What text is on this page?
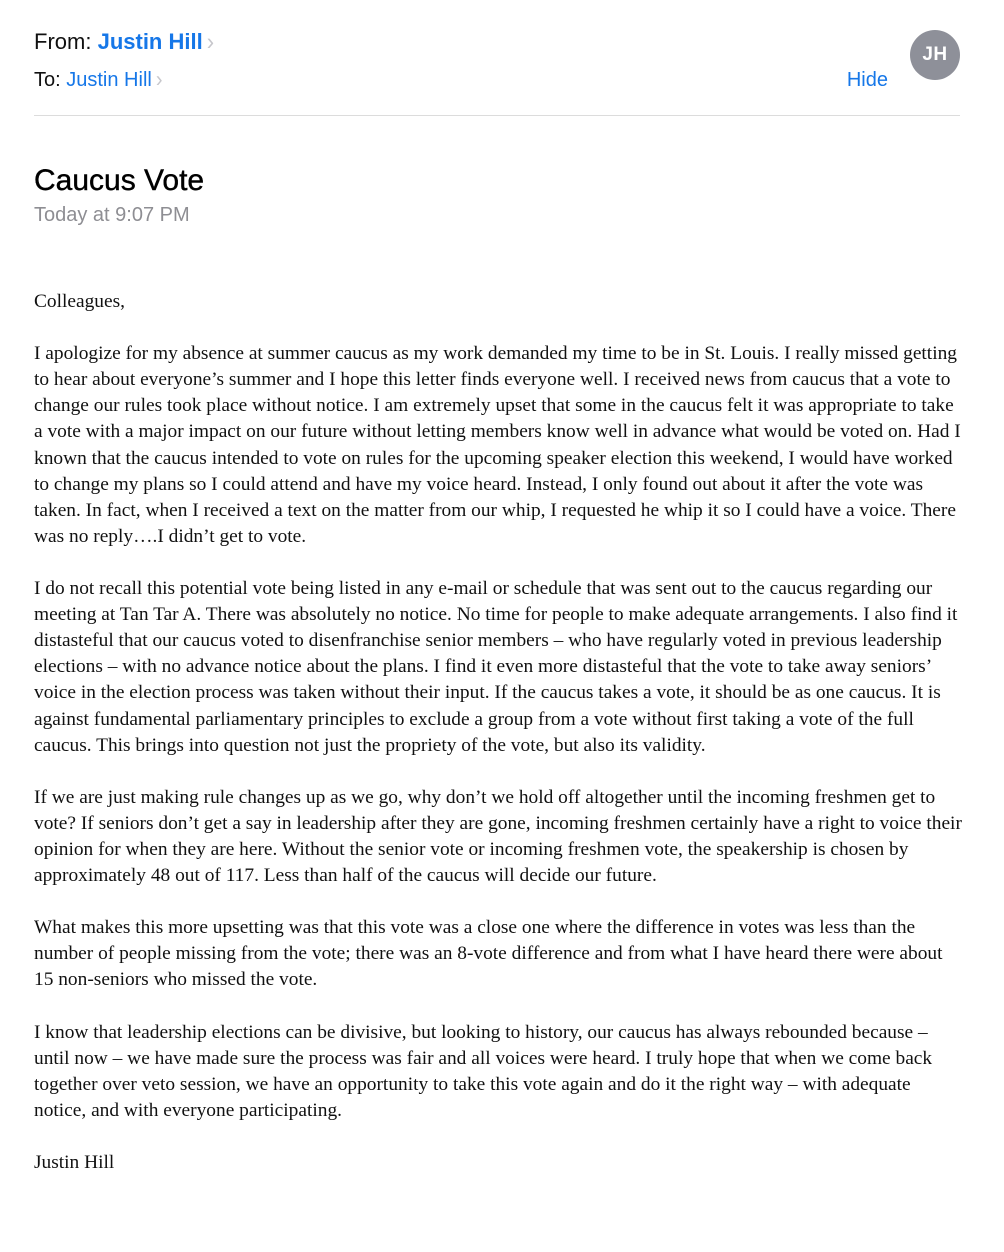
From: Justin Hill ›
To: Justin Hill ›	Hide
JH
Caucus Vote
Today at 9:07 PM

Colleagues,

I apologize for my absence at summer caucus as my work demanded my time to be in St. Louis. I really missed getting to hear about everyone’s summer and I hope this letter finds everyone well. I received news from caucus that a vote to change our rules took place without notice. I am extremely upset that some in the caucus felt it was appropriate to take a vote with a major impact on our future without letting members know well in advance what would be voted on. Had I known that the caucus intended to vote on rules for the upcoming speaker election this weekend, I would have worked to change my plans so I could attend and have my voice heard. Instead, I only found out about it after the vote was taken. In fact, when I received a text on the matter from our whip, I requested he whip it so I could have a voice. There was no reply….I didn’t get to vote.

I do not recall this potential vote being listed in any e-mail or schedule that was sent out to the caucus regarding our meeting at Tan Tar A. There was absolutely no notice. No time for people to make adequate arrangements. I also find it distasteful that our caucus voted to disenfranchise senior members – who have regularly voted in previous leadership elections – with no advance notice about the plans. I find it even more distasteful that the vote to take away seniors’ voice in the election process was taken without their input. If the caucus takes a vote, it should be as one caucus. It is against fundamental parliamentary principles to exclude a group from a vote without first taking a vote of the full caucus. This brings into question not just the propriety of the vote, but also its validity.

If we are just making rule changes up as we go, why don’t we hold off altogether until the incoming freshmen get to vote? If seniors don’t get a say in leadership after they are gone, incoming freshmen certainly have a right to voice their opinion for when they are here. Without the senior vote or incoming freshmen vote, the speakership is chosen by approximately 48 out of 117. Less than half of the caucus will decide our future.

What makes this more upsetting was that this vote was a close one where the difference in votes was less than the number of people missing from the vote; there was an 8-vote difference and from what I have heard there were about 15 non-seniors who missed the vote.

I know that leadership elections can be divisive, but looking to history, our caucus has always rebounded because – until now – we have made sure the process was fair and all voices were heard. I truly hope that when we come back together over veto session, we have an opportunity to take this vote again and do it the right way – with adequate notice, and with everyone participating.

Justin Hill
